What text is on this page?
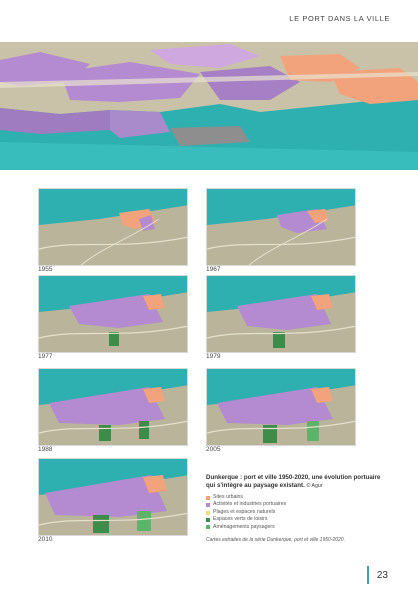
LE PORT DANS LA VILLE
1955	1967
1977	1979
1988	2005
2010

Dunkerque : port et ville 1950-2020, une évolution portuaire qui s'intègre au paysage existant. © Agur

Sites urbains
Activités et industries portuaires
Plages et espaces naturels
Espaces verts de loisirs
Aménagements paysagers

Cartes extraites de la série Dunkerque, port et ville 1950-2020.

23
